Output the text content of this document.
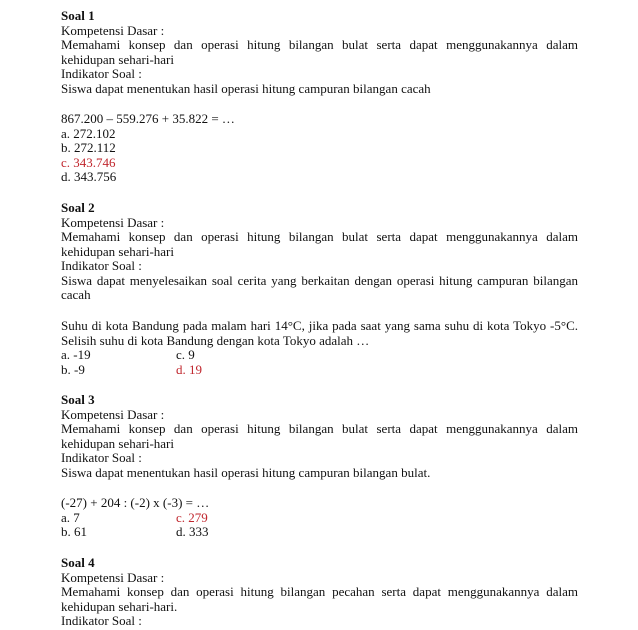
Soal 1
Kompetensi Dasar :
Memahami konsep dan operasi hitung bilangan bulat serta dapat menggunakannya dalam kehidupan sehari-hari
Indikator Soal :
Siswa dapat menentukan hasil operasi hitung campuran bilangan cacah
867.200 – 559.276 + 35.822 = …
a. 272.102
b. 272.112
c. 343.746
d. 343.756
Soal 2
Kompetensi Dasar :
Memahami konsep dan operasi hitung bilangan bulat serta dapat menggunakannya dalam kehidupan sehari-hari
Indikator Soal :
Siswa dapat menyelesaikan soal cerita yang berkaitan dengan operasi hitung campuran bilangan cacah
Suhu di kota Bandung pada malam hari 14°C, jika pada saat yang sama suhu di kota Tokyo -5°C. Selisih suhu di kota Bandung dengan kota Tokyo adalah …
a. -19	c. 9
b. -9	d. 19
Soal 3
Kompetensi Dasar :
Memahami konsep dan operasi hitung bilangan bulat serta dapat menggunakannya dalam kehidupan sehari-hari
Indikator Soal :
Siswa dapat menentukan hasil operasi hitung campuran bilangan bulat.
(-27) + 204 : (-2) x (-3) = …
a. 7	c. 279
b. 61	d. 333
Soal 4
Kompetensi Dasar :
Memahami konsep dan operasi hitung bilangan pecahan serta dapat menggunakannya dalam kehidupan sehari-hari.
Indikator Soal :
